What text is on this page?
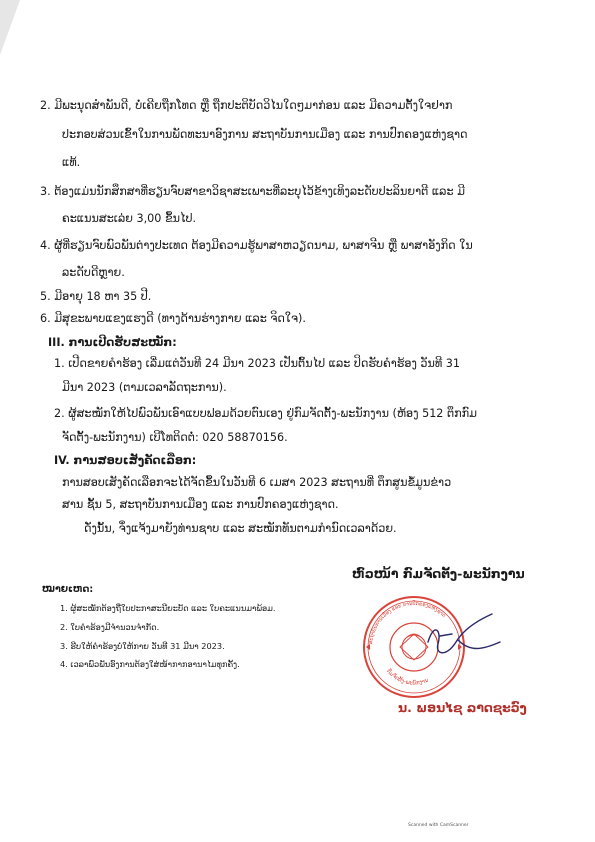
2. ມີພະນຸດສຳພັນດີ, ບໍ່ເຄີຍຖືກໂທດ ຫຼື ຖືກປະຕິບັດວິໄນໃດໆມາກ່ອນ ແລະ ມີຄວາມຕັ້ງໃຈຢາກ
ປະກອບສ່ວນເຂົ້າໃນການພັດທະນາອົງການ ສະຖາບັນການເມືອງ ແລະ ການປົກຄອງແຫ່ງຊາດ
ແທ້.
3. ຕ້ອງແມ່ນນັກສຶກສາທີ່ຮຽນຈົບສາຂາວິຊາສະເພາະທີ່ລະບຸໄວ້ຂ້າງເທິງລະດັບປະລິນຍາຕີ ແລະ ມີ
ຄະແນນສະເລ່ຍ 3,00 ຂຶ້ນໄປ.
4. ຜູ້ທີ່ຮຽນຈົບພົວພັນຕ່າງປະເທດ ຕ້ອງມີຄວາມຮູ້ພາສາຫວຽດນາມ, ພາສາຈີນ ຫຼື ພາສາອັງກິດ ໃນ
ລະດັບດີຫຼາຍ.
5. ມີອາຍຸ 18 ຫາ 35 ປີ.
6. ມີສຸຂະພາບແຂງແຮງດີ (ທາງດ້ານຮ່າງກາຍ ແລະ ຈິດໃຈ).
III. ການເປີດຮັບສະໝັກ:
1. ເປີດຂາຍຄຳຮ້ອງ ເລີ່ມແຕ່ວັນທີ 24 ມີນາ 2023 ເປັນຕົ້ນໄປ ແລະ ປິດຮັບຄຳຮ້ອງ ວັນທີ 31
ມີນາ 2023 (ຕາມເວລາລັດຖະການ).
2. ຜູ້ສະໝັກໃຫ້ໄປພົວພັນເອົາແບບຟອມດ້ວຍຕົນເອງ ຢູ່ກົມຈັດຕັ້ງ-ພະນັກງານ (ຫ້ອງ 512 ຕຶກກົມ
ຈັດຕັ້ງ-ພະນັກງານ) ເບີໂທຕິດຕໍ່: 020 58870156.
IV. ການສອບເສັງຄັດເລືອກ:
ການສອບເສັງຄັດເລືອກຈະໄດ້ຈັດຂຶ້ນໃນວັນທີ 6 ເມສາ 2023 ສະຖານທີ່ ຕຶກສູນຂໍ້ມູນຂ່າວ
ສານ ຊັ້ນ 5, ສະຖາບັນການເມືອງ ແລະ ການປົກຄອງແຫ່ງຊາດ.
ດັ່ງນັ້ນ, ຈຶ່ງແຈ້ງມາຍັງທ່ານຊາບ ແລະ ສະໝັກທັນຕາມກຳນົດເວລາດ້ວຍ.
ຫົວໜ້າ ກົມຈັດຕັ້ງ-ພະນັກງານ
ໝາຍເຫດ:
1. ຜູ້ສະໝັກຕ້ອງຖືໃບປະກາສະນີຍະບັດ ແລະ ໃບຄະແນນມາພ້ອມ.
2. ໃບຄຳຮ້ອງມີຈຳນວນຈຳກັດ.
3. ຮີບໃຫ້ຄຳຮ້ອງບໍ່ໃຫ້ກາຍ ວັນທີ 31 ມີນາ 2023.
4. ເວລາພົວພັນອົງການຕ້ອງໃສ່ໜ້າກາກອານາໄມທຸກຄັ້ງ.
ສະຖາບັນການເມືອງ ແລະ ການປົກຄອງແຫ່ງຊາດ
ກົມຈັດຕັ້ງ-ພະນັກງານ
ນ. ພອນໄຊ ລາດຊະວົງ
Scanned with CamScanner
